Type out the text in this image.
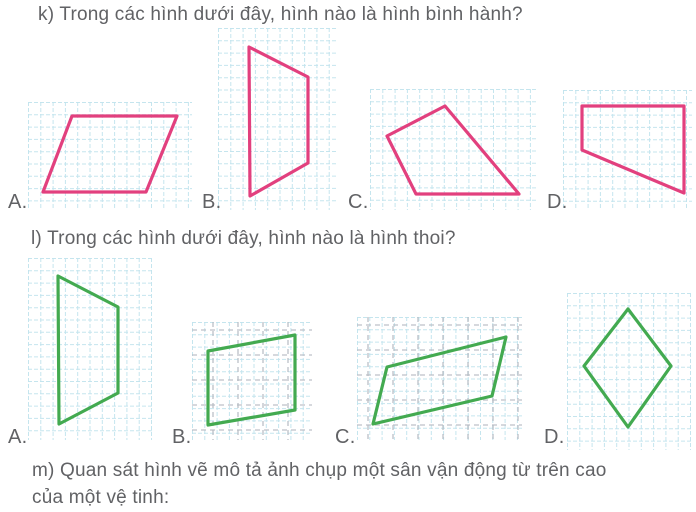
k) Trong các hình dưới đây, hình nào là hình bình hành?
A.	B.	C.	D.
A.	B.	C.	D.
l) Trong các hình dưới đây, hình nào là hình thoi?
m) Quan sát hình vẽ mô tả ảnh chụp một sân vận động từ trên cao
của một vệ tinh:
